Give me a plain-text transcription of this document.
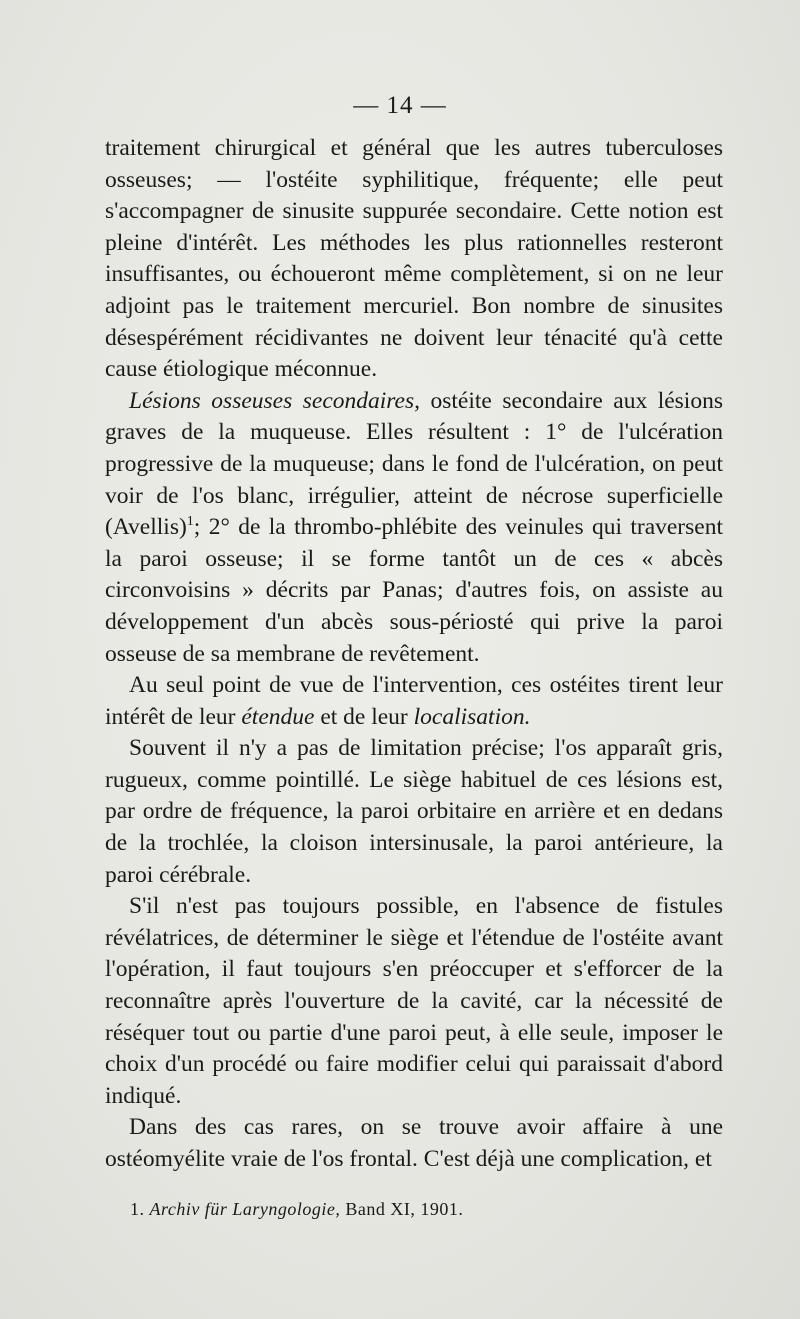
— 14 —

traitement chirurgical et général que les autres tuberculoses osseuses; — l'ostéite syphilitique, fréquente; elle peut s'accompagner de sinusite suppurée secondaire. Cette notion est pleine d'intérêt. Les méthodes les plus rationnelles resteront insuffisantes, ou échoueront même complètement, si on ne leur adjoint pas le traitement mercuriel. Bon nombre de sinusites désespérément récidivantes ne doivent leur ténacité qu'à cette cause étiologique méconnue.

Lésions osseuses secondaires, ostéite secondaire aux lésions graves de la muqueuse. Elles résultent : 1° de l'ulcération progressive de la muqueuse; dans le fond de l'ulcération, on peut voir de l'os blanc, irrégulier, atteint de nécrose superficielle (Avellis)$^1$; 2° de la thrombo-phlébite des veinules qui traversent la paroi osseuse; il se forme tantôt un de ces « abcès circonvoisins » décrits par Panas; d'autres fois, on assiste au développement d'un abcès sous-périosté qui prive la paroi osseuse de sa membrane de revêtement.

Au seul point de vue de l'intervention, ces ostéites tirent leur intérêt de leur étendue et de leur localisation.

Souvent il n'y a pas de limitation précise; l'os apparaît gris, rugueux, comme pointillé. Le siège habituel de ces lésions est, par ordre de fréquence, la paroi orbitaire en arrière et en dedans de la trochlée, la cloison intersinusale, la paroi antérieure, la paroi cérébrale.

S'il n'est pas toujours possible, en l'absence de fistules révélatrices, de déterminer le siège et l'étendue de l'ostéite avant l'opération, il faut toujours s'en préoccuper et s'efforcer de la reconnaître après l'ouverture de la cavité, car la nécessité de réséquer tout ou partie d'une paroi peut, à elle seule, imposer le choix d'un procédé ou faire modifier celui qui paraissait d'abord indiqué.

Dans des cas rares, on se trouve avoir affaire à une ostéomyélite vraie de l'os frontal. C'est déjà une complication, et

1. Archiv für Laryngologie, Band XI, 1901.
